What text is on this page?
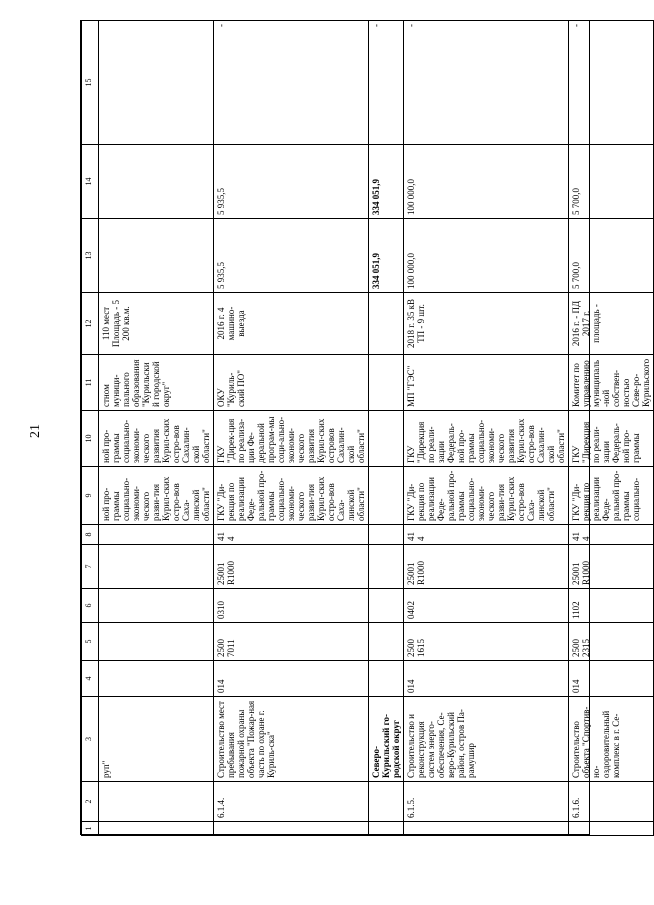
21
1	2	3	4	5	6	7	8	9	10	11	12	13	14	15
		руп"						ной про-граммы социально-экономи-ческого разви-тия Курил-ских остро-вов Саха-линской области"	ной про-граммы социально-экономи-ческого развития Курил-ских остро-вов Сахалин-ской области"	стном муници-пального образования "Курильский городской округ"	110 мест Площадь - 5 200 кв.м.			
	6.1.4.	Строительство мест пребывания пожарной охраны объекта "Пожар-ная часть по охране г. Куриль-ска"	014	2500 7011	0310	25001 R1000	414	ГКУ "Ди-рекция по реализации Феде-ральной про-граммы социально-экономи-ческого разви-тия Курил-ских остро-вов Саха-линской области"	ГКУ "Дирек-ция по реализа-ции Фе-деральной програм-мы соци-ально-экономи-ческого развития Курил-ских островов Сахалин-ской области"	ОКУ "Куриль-ский ПО"	2016 г. 4 машино-выезда	5 935,5	5 935,5	-
		Северо-Курильский го-родской округ										334 051,9	334 051,9	-
	6.1.5.	Строительство и реконструкция систем энерго-обеспечения, Се-веро-Курильский район, остров Па-рамушир	014	2500 1615	0402	25001 R1000	414	ГКУ "Ди-рекция по реализации Феде-ральной про-граммы социально-экономи-ческого разви-тия Курил-ских остро-вов Саха-линской области"	ГКУ "Дирекция по реали-зации Федераль-ной про-граммы социально-экономи-ческого развития Курил-ских остро-вов Сахалин-ской области"	МП "ГЭС"	2018 г. 35 кВ ТП - 9 шт.	100 000,0	100 000,0	-
	6.1.6.	Строительство объекта "Спортив-но-оздоровительный комплекс в г. Се-	014	2500 2315	1102	25001 R1000	414	ГКУ "Ди-рекция по реализации Феде-ральной про-граммы социально-	ГКУ "Дирекция по реали-зации Федераль-ной про-граммы	Комитет по управлению муниципаль-ной собствен-ностью Севе-ро-Курильского	2016 г. - ПД 2017 г. площадь -	5 700,0	5 700,0	-
